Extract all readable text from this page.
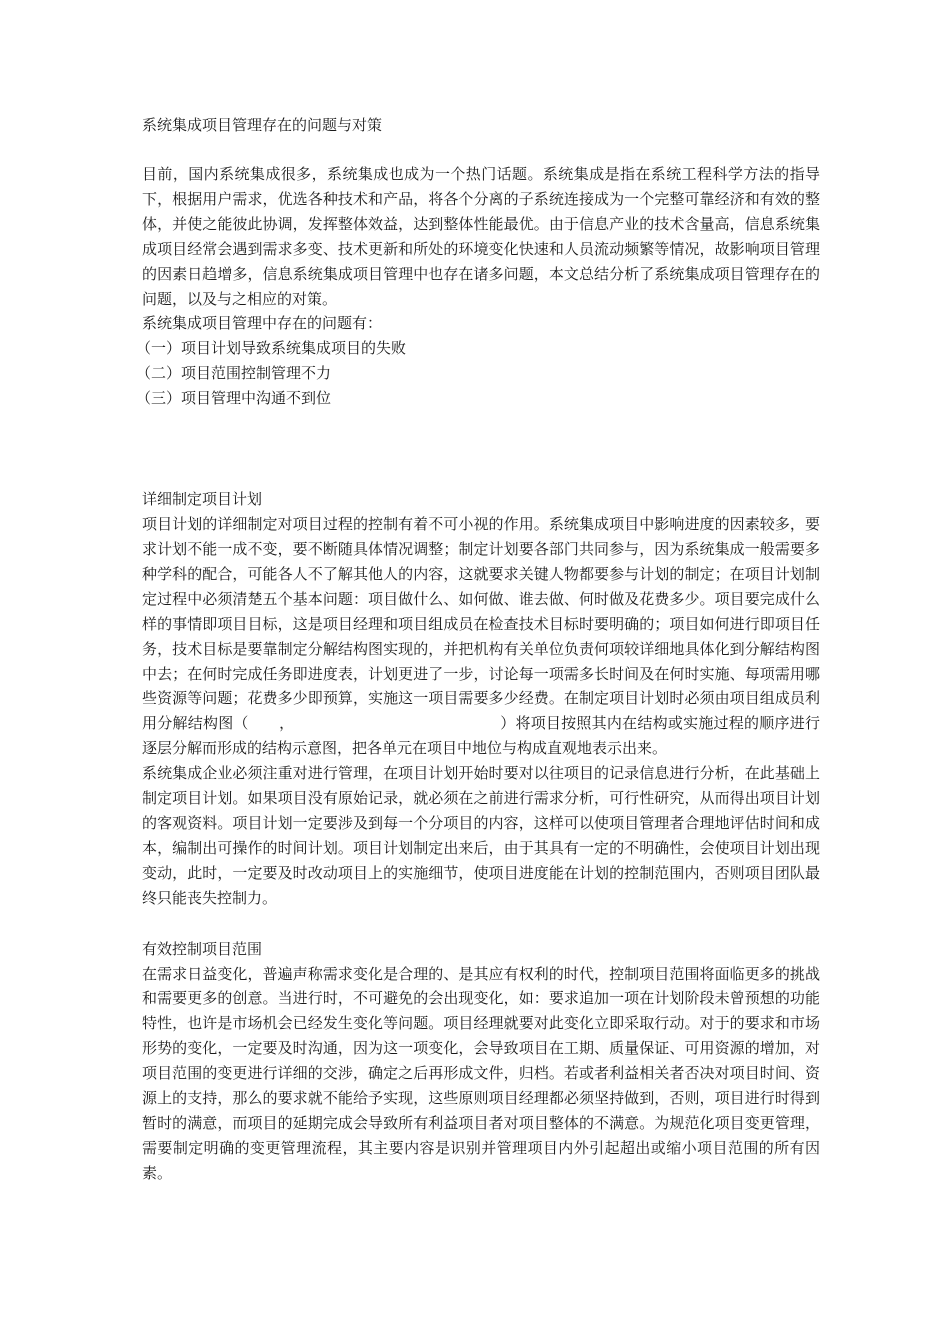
系统集成项目管理存在的问题与对策

目前，国内系统集成很多，系统集成也成为一个热门话题。系统集成是指在系统工程科学方法的指导下，根据用户需求，优选各种技术和产品，将各个分离的子系统连接成为一个完整可靠经济和有效的整体，并使之能彼此协调，发挥整体效益，达到整体性能最优。由于信息产业的技术含量高，信息系统集成项目经常会遇到需求多变、技术更新和所处的环境变化快速和人员流动频繁等情况，故影响项目管理的因素日趋增多，信息系统集成项目管理中也存在诸多问题，本文总结分析了系统集成项目管理存在的问题，以及与之相应的对策。

系统集成项目管理中存在的问题有：

（一）项目计划导致系统集成项目的失败
（二）项目范围控制管理不力
（三）项目管理中沟通不到位

详细制定项目计划

项目计划的详细制定对项目过程的控制有着不可小视的作用。系统集成项目中影响进度的因素较多，要求计划不能一成不变，要不断随具体情况调整；制定计划要各部门共同参与，因为系统集成一般需要多种学科的配合，可能各人不了解其他人的内容，这就要求关键人物都要参与计划的制定；在项目计划制定过程中必须清楚五个基本问题：项目做什么、如何做、谁去做、何时做及花费多少。项目要完成什么样的事情即项目目标，这是项目经理和项目组成员在检查技术目标时要明确的；项目如何进行即项目任务，技术目标是要靠制定分解结构图实现的，并把机构有关单位负责何项较详细地具体化到分解结构图中去；在何时完成任务即进度表，计划更进了一步，讨论每一项需多长时间及在何时实施、每项需用哪些资源等问题；花费多少即预算，实施这一项目需要多少经费。在制定项目计划时必须由项目组成员利用分解结构图（　　，　　　　　　　　　　　　　　）将项目按照其内在结构或实施过程的顺序进行逐层分解而形成的结构示意图，把各单元在项目中地位与构成直观地表示出来。

系统集成企业必须注重对进行管理，在项目计划开始时要对以往项目的记录信息进行分析，在此基础上制定项目计划。如果项目没有原始记录，就必须在之前进行需求分析，可行性研究，从而得出项目计划的客观资料。项目计划一定要涉及到每一个分项目的内容，这样可以使项目管理者合理地评估时间和成本，编制出可操作的时间计划。项目计划制定出来后，由于其具有一定的不明确性，会使项目计划出现变动，此时，一定要及时改动项目上的实施细节，使项目进度能在计划的控制范围内，否则项目团队最终只能丧失控制力。

有效控制项目范围

在需求日益变化，普遍声称需求变化是合理的、是其应有权利的时代，控制项目范围将面临更多的挑战和需要更多的创意。当进行时，不可避免的会出现变化，如：要求追加一项在计划阶段未曾预想的功能特性，也许是市场机会已经发生变化等问题。项目经理就要对此变化立即采取行动。对于的要求和市场形势的变化，一定要及时沟通，因为这一项变化，会导致项目在工期、质量保证、可用资源的增加，对项目范围的变更进行详细的交涉，确定之后再形成文件，归档。若或者利益相关者否决对项目时间、资源上的支持，那么的要求就不能给予实现，这些原则项目经理都必须坚持做到，否则，项目进行时得到暂时的满意，而项目的延期完成会导致所有利益项目者对项目整体的不满意。为规范化项目变更管理，需要制定明确的变更管理流程，其主要内容是识别并管理项目内外引起超出或缩小项目范围的所有因素。
